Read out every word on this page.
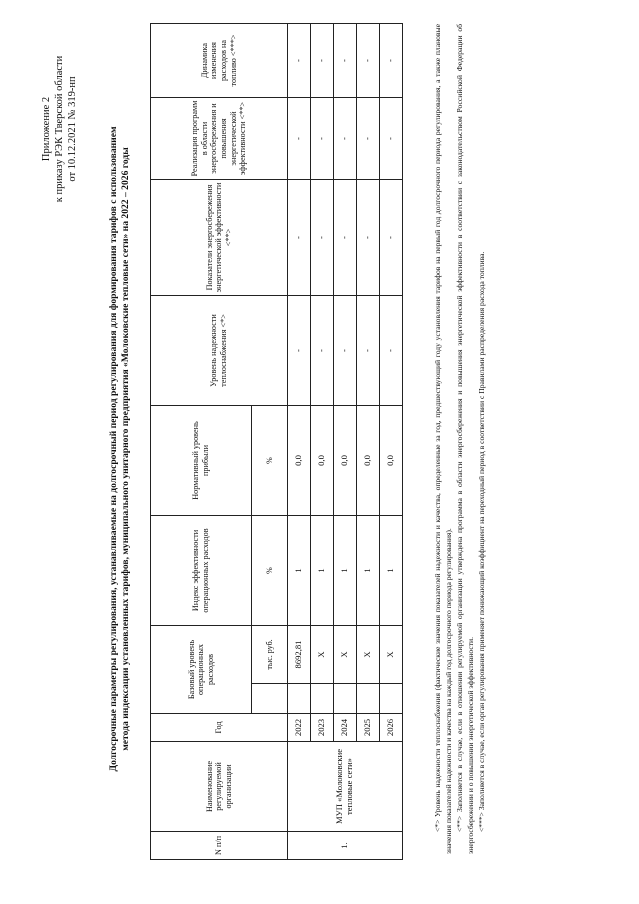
Приложение 2 к приказу РЭК Тверской области от 10.12.2021 № 319-нп	Долгосрочные параметры регулирования, устанавливаемые на долгосрочный период регулирования для формирования тарифов с использованием метода индексации установленных тарифов, муниципального унитарного предприятия «Молоковские тепловые сети» на 2022 – 2026 годы
N п/п	Наименование регулируемой организации	Год	Базовый уровень операционных расходов		Индекс эффективности операционных расходов	Нормативный уровень прибыли	Уровень надежности теплоснабжения <*>	Показатели энергосбережения энергетической эффективности <**>	Реализация программ в области энергосбережения и повышения энергетической эффективности <**>	Динамика изменения расходов на топливо <***>
				тыс. руб.	%	%				
1.	МУП «Молоковские тепловые сети»	2022		8692,81	1	0,0	-	-	-	-
		2023		X	1	0,0	-	-	-	-
		2024		X	1	0,0	-	-	-	-
		2025		X	1	0,0	-	-	-	-
		2026		X	1	0,0	-	-	-	-	<*> Уровень надежности теплоснабжения (фактические значения показателей надежности и качества, определенные за год, предшествующий году установления тарифов на первый год долгосрочного периода регулирования, а также плановые значения показателей надежности и качества на каждый год долгосрочного периода регулирования). <**> Заполняется в случае, если в отношении регулируемой организации утверждена программа в области энергосбережения и повышения энергетической эффективности в соответствии с законодательством Российской Федерации об энергосбережении и о повышении энергетической эффективности. <***> Заполняется в случае, если орган регулирования применяет понижающий коэффициент на переходный период в соответствии с Правилами распределения расхода топлива.
